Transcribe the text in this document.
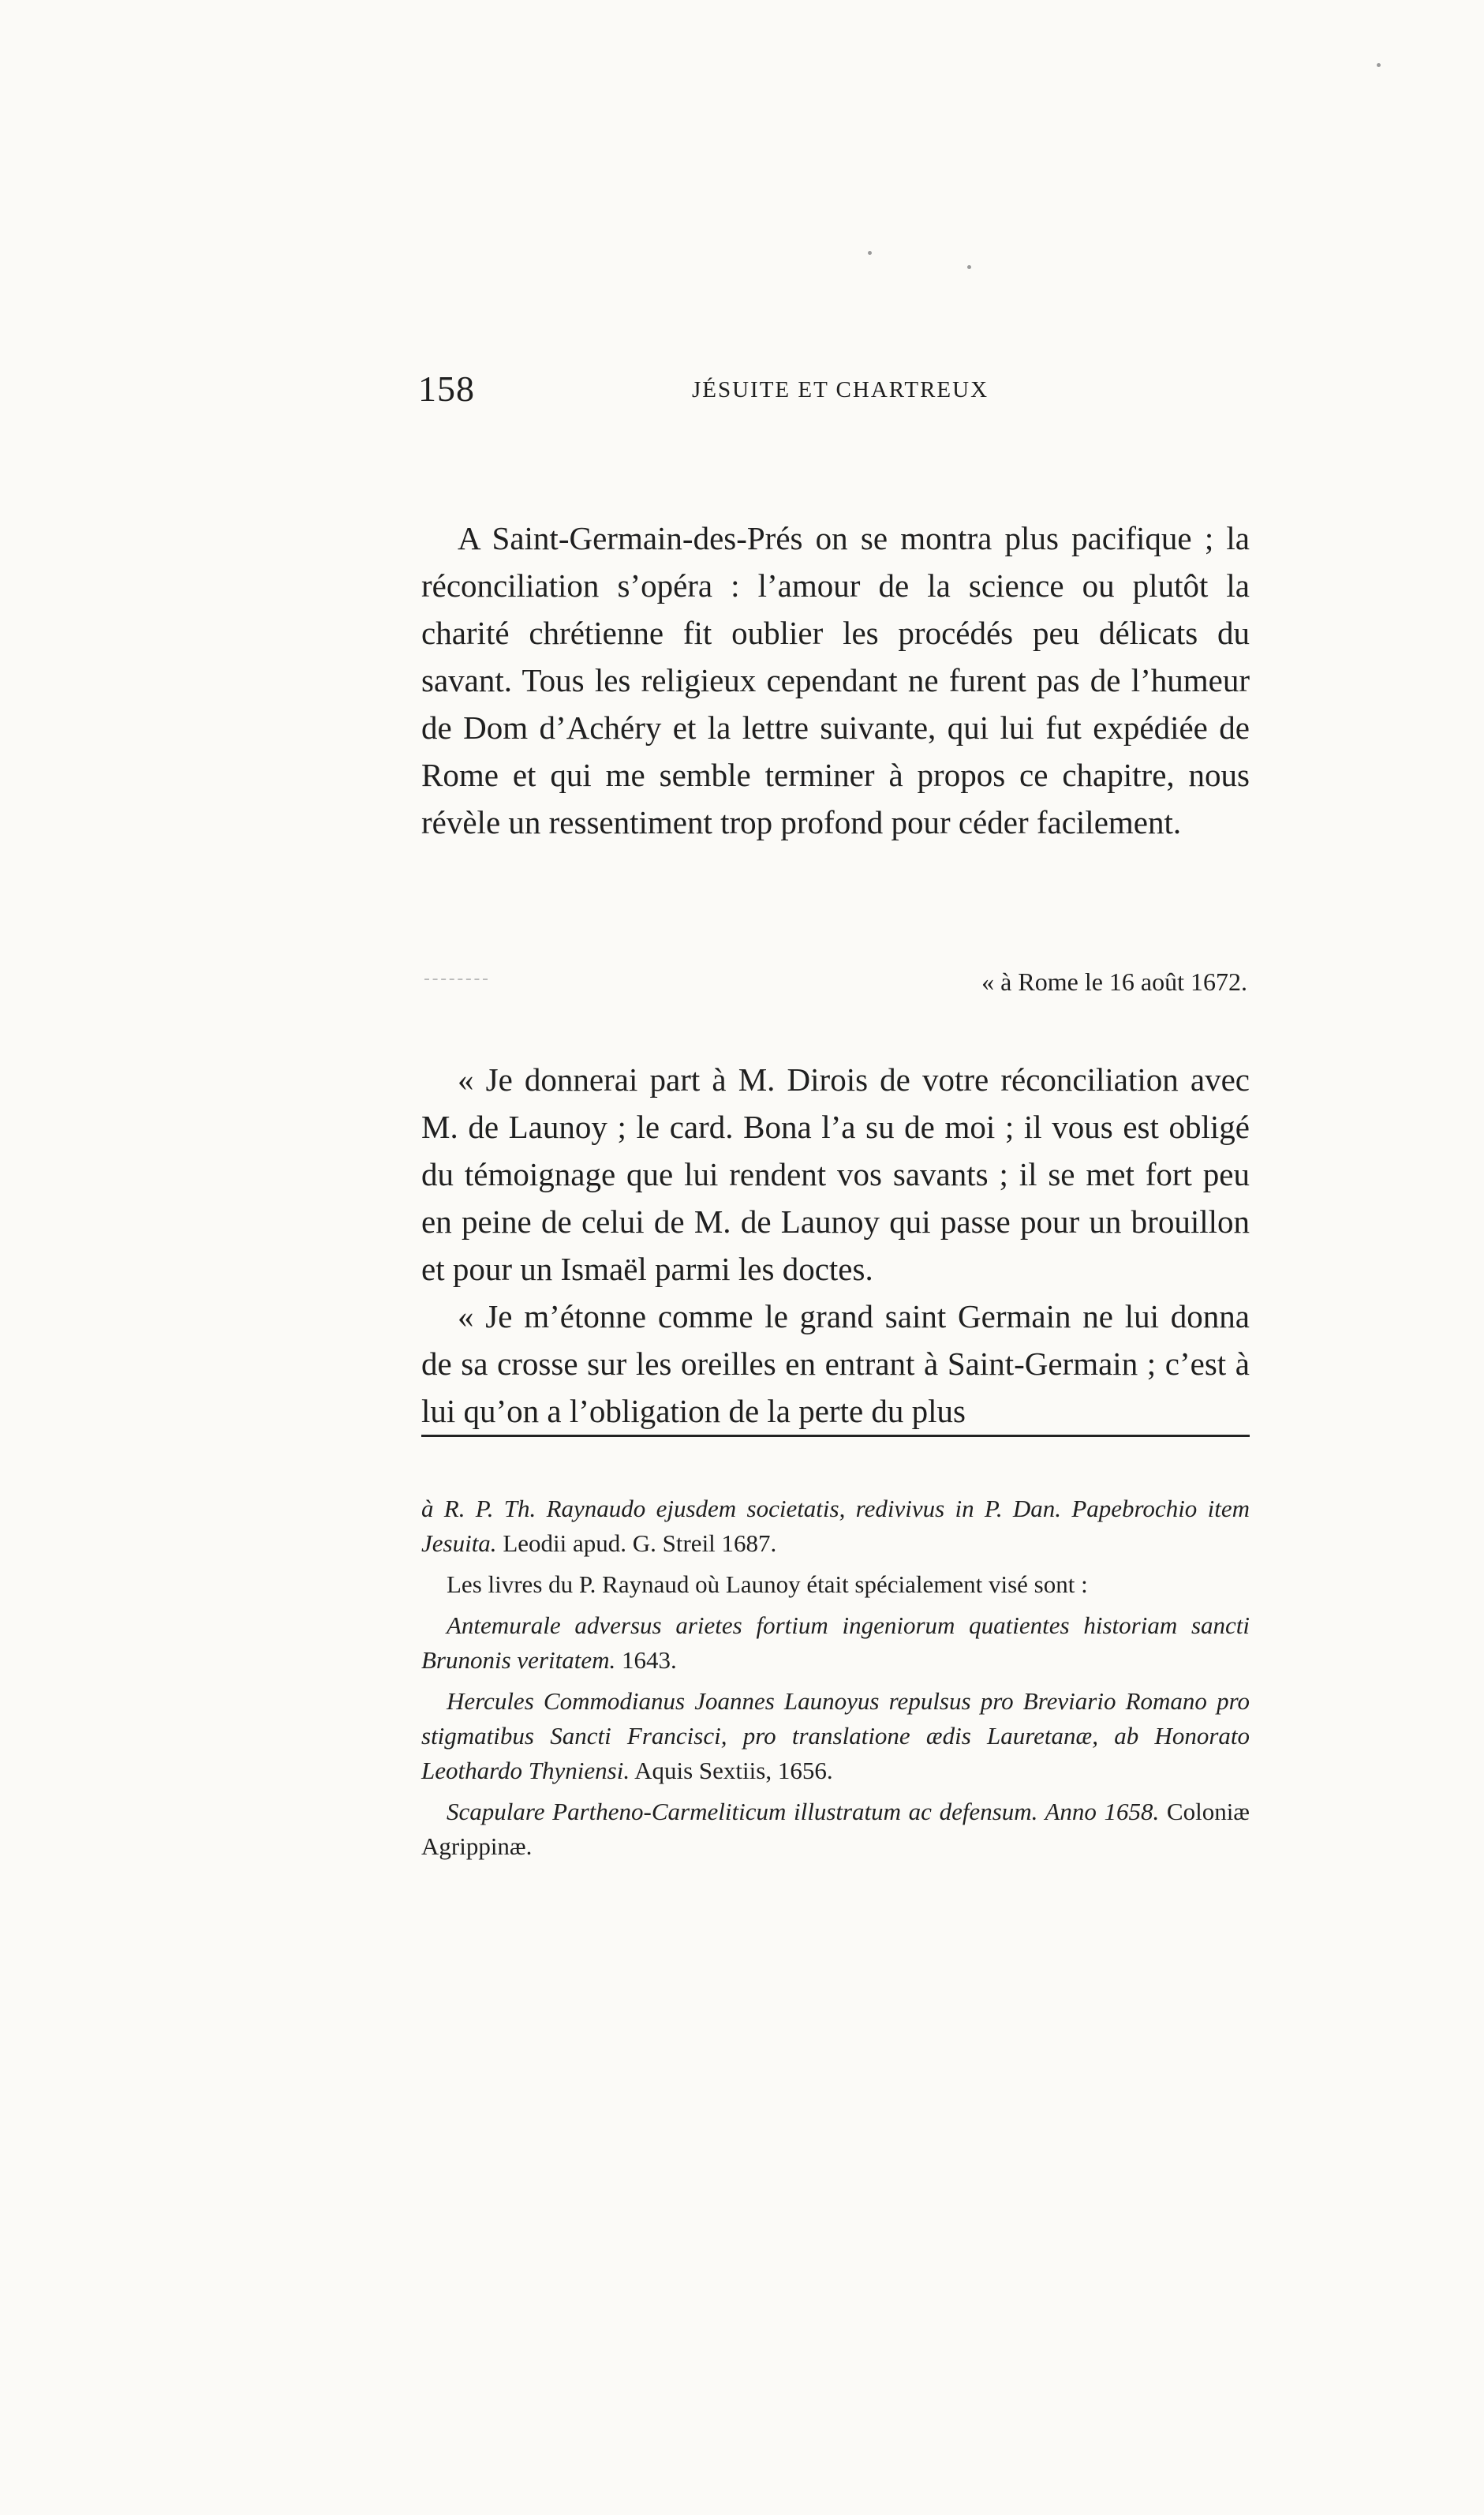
158	JÉSUITE ET CHARTREUX

A Saint-Germain-des-Prés on se montra plus pacifique ; la réconciliation s’opéra : l’amour de la science ou plutôt la charité chrétienne fit oublier les procédés peu délicats du savant. Tous les religieux cependant ne furent pas de l’humeur de Dom d’Achéry et la lettre suivante, qui lui fut expédiée de Rome et qui me semble terminer à propos ce chapitre, nous révèle un ressentiment trop profond pour céder facilement.

« à Rome le 16 août 1672.

« Je donnerai part à M. Dirois de votre réconciliation avec M. de Launoy ; le card. Bona l’a su de moi ; il vous est obligé du témoignage que lui rendent vos savants ; il se met fort peu en peine de celui de M. de Launoy qui passe pour un brouillon et pour un Ismaël parmi les doctes.

« Je m’étonne comme le grand saint Germain ne lui donna de sa crosse sur les oreilles en entrant à Saint-Germain ; c’est à lui qu’on a l’obligation de la perte du plus

à R. P. Th. Raynaudo ejusdem societatis, redivivus in P. Dan. Papebrochio item Jesuita. Leodii apud. G. Streil 1687.

Les livres du P. Raynaud où Launoy était spécialement visé sont :

Antemurale adversus arietes fortium ingeniorum quatientes historiam sancti Brunonis veritatem. 1643.

Hercules Commodianus Joannes Launoyus repulsus pro Breviario Romano pro stigmatibus Sancti Francisci, pro translatione ædis Lauretanæ, ab Honorato Leothardo Thyniensi. Aquis Sextiis, 1656.

Scapulare Partheno-Carmeliticum illustratum ac defensum. Anno 1658. Coloniæ Agrippinæ.
